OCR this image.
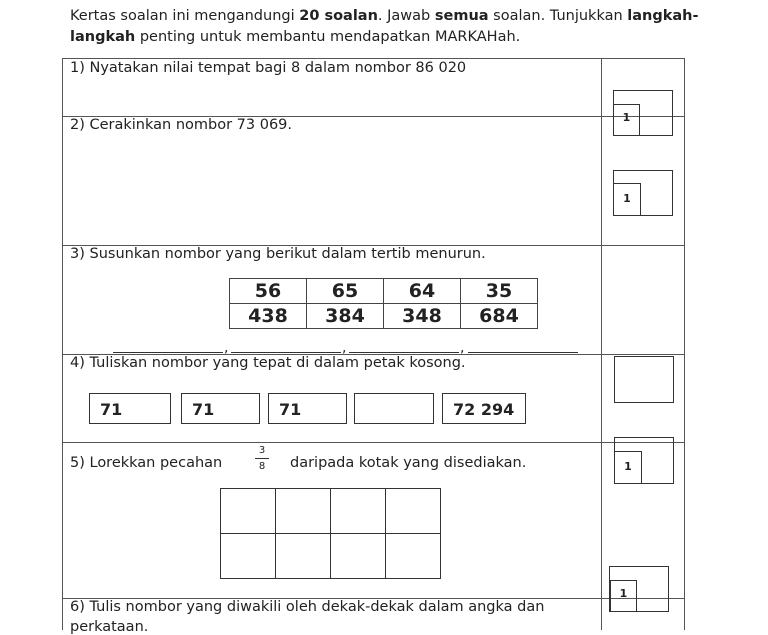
Kertas soalan ini mengandungi 20 soalan. Jawab semua soalan. Tunjukkan langkah-langkah penting untuk membantu mendapatkan MARKAHah.
1) Nyatakan nilai tempat bagi 8 dalam nombor 86 020
2) Cerakinkan nombor 73 069.
3) Susunkan nombor yang berikut dalam tertib menurun.
4) Tuliskan nombor yang tepat di dalam petak kosong.
5) Lorekkan pecahan	daripada kotak yang disediakan.
6) Tulis nombor yang diwakili oleh dekak-dekak dalam angka dan
perkataan.
3
8
56	65	64	35
438	384	348	684
,	,	,
71	71	71	72 294

1
1
1
1
